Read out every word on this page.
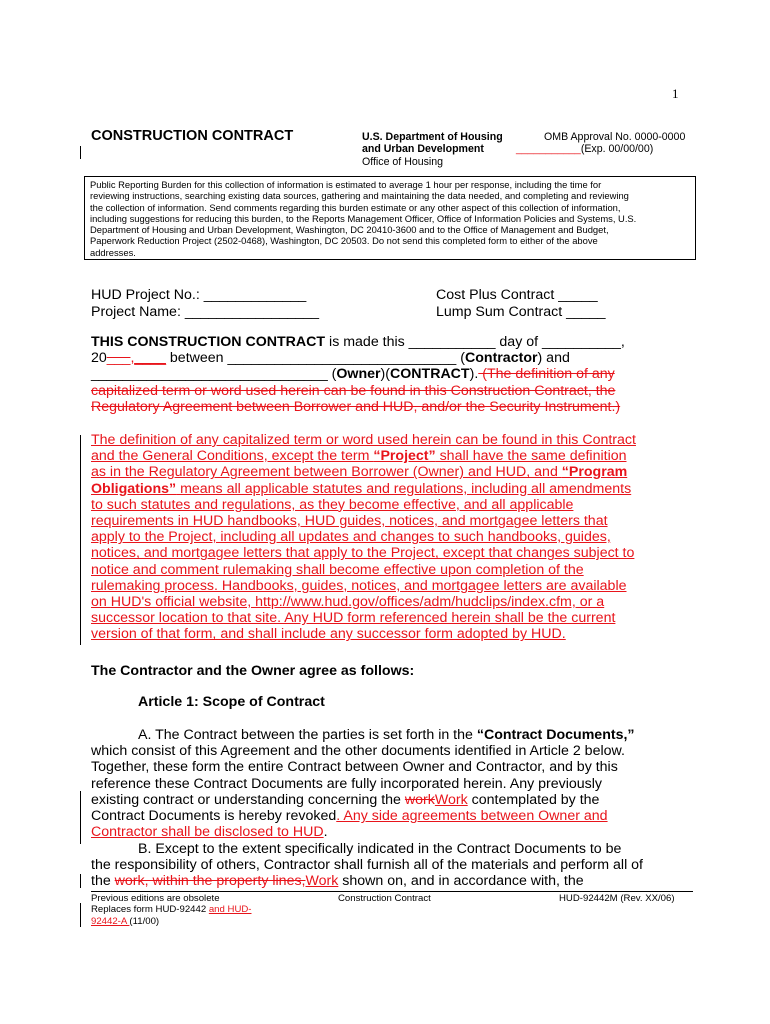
1
CONSTRUCTION CONTRACT	U.S. Department of Housing
and Urban Development
Office of Housing
OMB Approval No. 0000-0000
___________(Exp. 00/00/00)
Public Reporting Burden for this collection of information is estimated to average 1 hour per response, including the time for
reviewing instructions, searching existing data sources, gathering and maintaining the data needed, and completing and reviewing
the collection of information. Send comments regarding this burden estimate or any other aspect of this collection of information,
including suggestions for reducing this burden, to the Reports Management Officer, Office of Information Policies and Systems, U.S.
Department of Housing and Urban Development, Washington, DC 20410-3600 and to the Office of Management and Budget,
Paperwork Reduction Project (2502-0468), Washington, DC 20503. Do not send this completed form to either of the above
addresses.
HUD Project No.: _____________
Project Name: _________________
Cost Plus Contract _____
Lump Sum Contract _____
THIS CONSTRUCTION CONTRACT is made this ___________ day of __________,
20___,____ between _____________________________ (Contractor) and
______________________________ (Owner)(CONTRACT). (The definition of any
capitalized term or word used herein can be found in this Construction Contract, the
Regulatory Agreement between Borrower and HUD, and/or the Security Instrument.)
The definition of any capitalized term or word used herein can be found in this Contract
and the General Conditions, except the term “Project” shall have the same definition
as in the Regulatory Agreement between Borrower (Owner) and HUD, and “Program
Obligations” means all applicable statutes and regulations, including all amendments
to such statutes and regulations, as they become effective, and all applicable
requirements in HUD handbooks, HUD guides, notices, and mortgagee letters that
apply to the Project, including all updates and changes to such handbooks, guides,
notices, and mortgagee letters that apply to the Project, except that changes subject to
notice and comment rulemaking shall become effective upon completion of the
rulemaking process. Handbooks, guides, notices, and mortgagee letters are available
on HUD's official website, http://www.hud.gov/offices/adm/hudclips/index.cfm, or a
successor location to that site. Any HUD form referenced herein shall be the current
version of that form, and shall include any successor form adopted by HUD.
The Contractor and the Owner agree as follows:
Article 1: Scope of Contract
A. The Contract between the parties is set forth in the “Contract Documents,”
which consist of this Agreement and the other documents identified in Article 2 below.
Together, these form the entire Contract between Owner and Contractor, and by this
reference these Contract Documents are fully incorporated herein. Any previously
existing contract or understanding concerning the workWork contemplated by the
Contract Documents is hereby revoked. Any side agreements between Owner and
Contractor shall be disclosed to HUD.
B. Except to the extent specifically indicated in the Contract Documents to be
the responsibility of others, Contractor shall furnish all of the materials and perform all of
the work, within the property lines,Work shown on, and in accordance with, the
Previous editions are obsolete
Replaces form HUD-92442 and HUD-
92442-A (11/00)
Construction Contract	HUD-92442M (Rev. XX/06)
